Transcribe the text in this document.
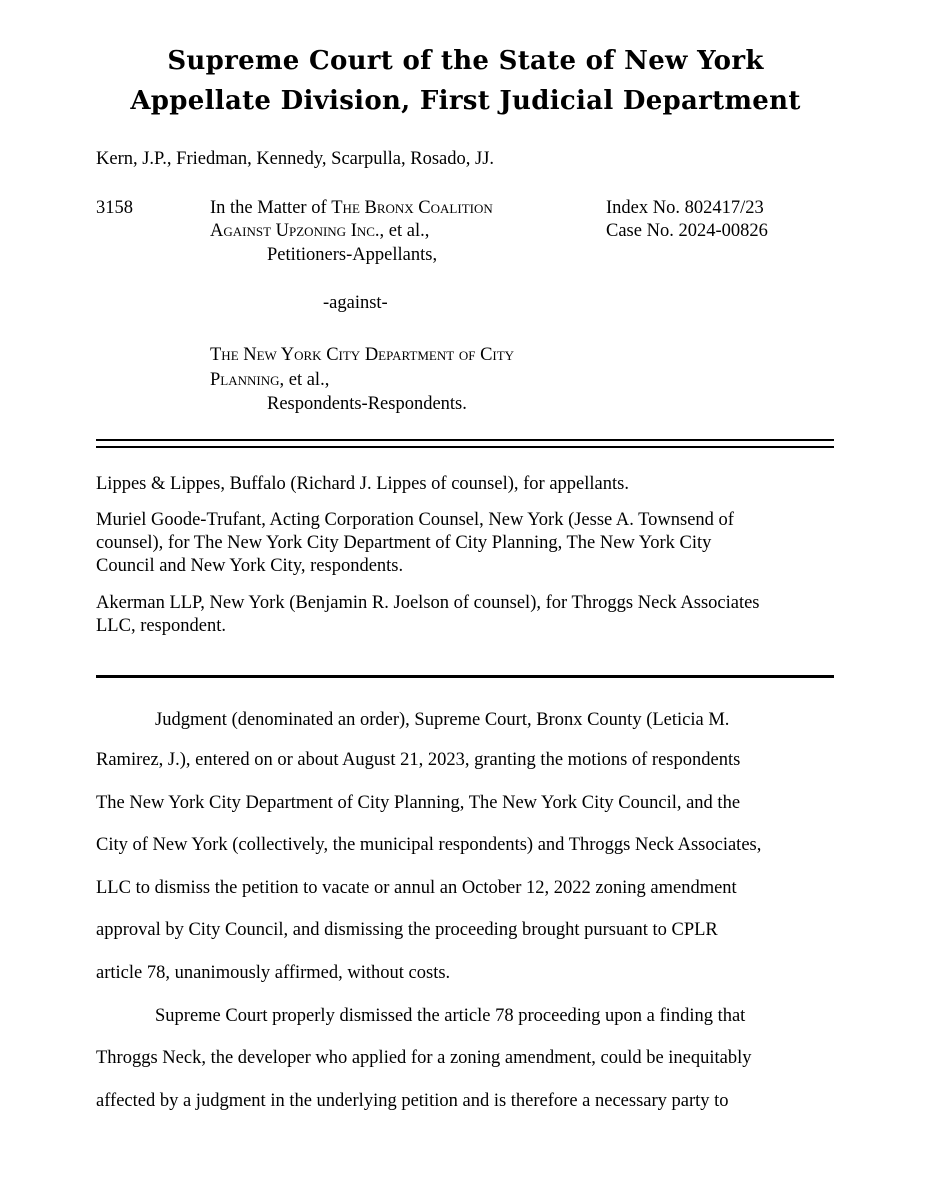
Supreme Court of the State of New York
Appellate Division, First Judicial Department
Kern, J.P., Friedman, Kennedy, Scarpulla, Rosado, JJ.
3158	In the Matter of The Bronx Coalition
Against Upzoning Inc., et al.,
Petitioners-Appellants,
-against-
The New York City Department of City
Planning, et al.,
Respondents-Respondents.
Index No. 802417/23
Case No. 2024-00826
Lippes & Lippes, Buffalo (Richard J. Lippes of counsel), for appellants.
Muriel Goode-Trufant, Acting Corporation Counsel, New York (Jesse A. Townsend of
counsel), for The New York City Department of City Planning, The New York City
Council and New York City, respondents.
Akerman LLP, New York (Benjamin R. Joelson of counsel), for Throggs Neck Associates
LLC, respondent.
Judgment (denominated an order), Supreme Court, Bronx County (Leticia M.
Ramirez, J.), entered on or about August 21, 2023, granting the motions of respondents
The New York City Department of City Planning, The New York City Council, and the
City of New York (collectively, the municipal respondents) and Throggs Neck Associates,
LLC to dismiss the petition to vacate or annul an October 12, 2022 zoning amendment
approval by City Council, and dismissing the proceeding brought pursuant to CPLR
article 78, unanimously affirmed, without costs.
Supreme Court properly dismissed the article 78 proceeding upon a finding that
Throggs Neck, the developer who applied for a zoning amendment, could be inequitably
affected by a judgment in the underlying petition and is therefore a necessary party to
